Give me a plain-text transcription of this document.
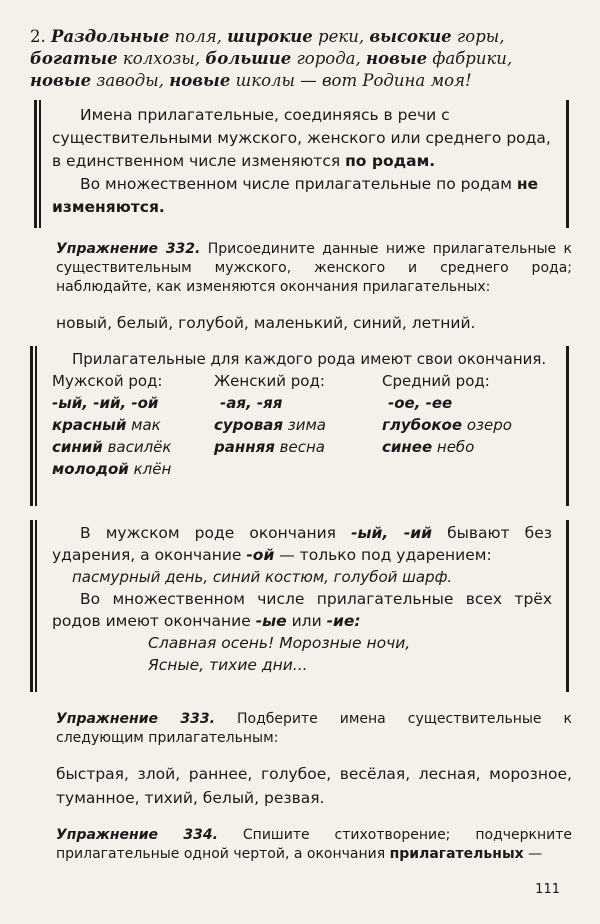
2. Раздольные поля, широкие реки, высокие горы, богатые колхозы, большие города, новые фабрики, новые заводы, новые школы — вот Родина моя!
Имена прилагательные, соединяясь в речи с существительными мужского, женского или среднего рода, в единственном числе изменяются по родам.
Во множественном числе прилагательные по родам не изменяются.
Упражнение 332. Присоедините данные ниже прилагательные к существительным мужского, женского и среднего рода; наблюдайте, как изменяются окончания прилагательных:
новый, белый, голубой, маленький, синий, летний.
Прилагательные для каждого рода имеют свои окончания.
Мужской род:
-ый, -ий, -ой
красный мак
синий василёк
молодой клён
Женский род:
-ая, -яя
суровая зима
ранняя весна
Средний род:
-ое, -ее
глубокое озеро
синее небо
В мужском роде окончания -ый, -ий бывают без ударения, а окончание -ой — только под ударением:
пасмурный день, синий костюм, голубой шарф.
Во множественном числе прилагательные всех трёх родов имеют окончание -ые или -ие:
Славная осень! Морозные ночи,
Ясные, тихие дни...
Упражнение 333. Подберите имена существительные к следующим прилагательным:
быстрая, злой, раннее, голубое, весёлая, лесная, морозное, туманное, тихий, белый, резвая.
Упражнение 334. Спишите стихотворение; подчеркните прилагательные одной чертой, а окончания прилагательных —
111
